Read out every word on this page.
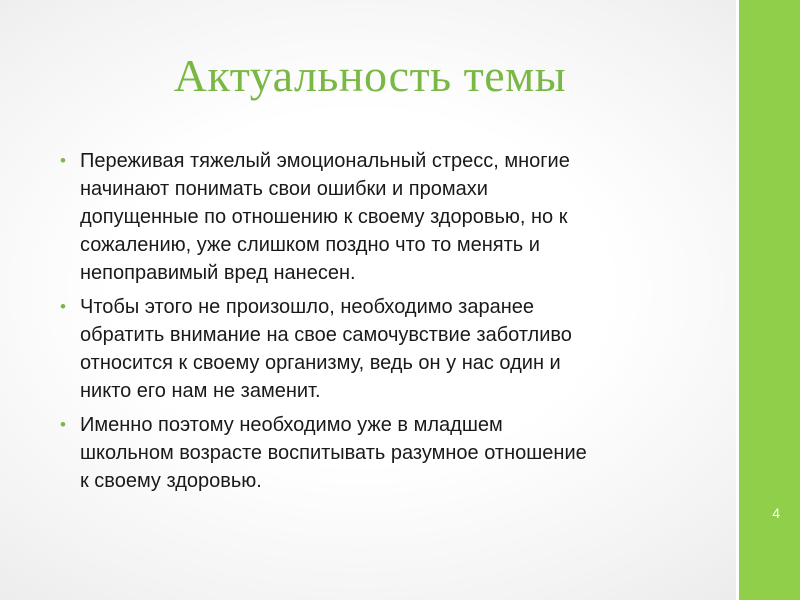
4
Актуальность темы
• Переживая тяжелый эмоциональный стресс, многие
начинают понимать свои ошибки и промахи
допущенные по отношению к своему здоровью, но к
сожалению, уже слишком поздно что то менять и
непоправимый вред нанесен.
• Чтобы этого не произошло, необходимо заранее
обратить внимание на свое самочувствие заботливо
относится к своему организму, ведь он у нас один и
никто его нам не заменит.
• Именно поэтому необходимо уже в младшем
школьном возрасте воспитывать разумное отношение
к своему здоровью.
